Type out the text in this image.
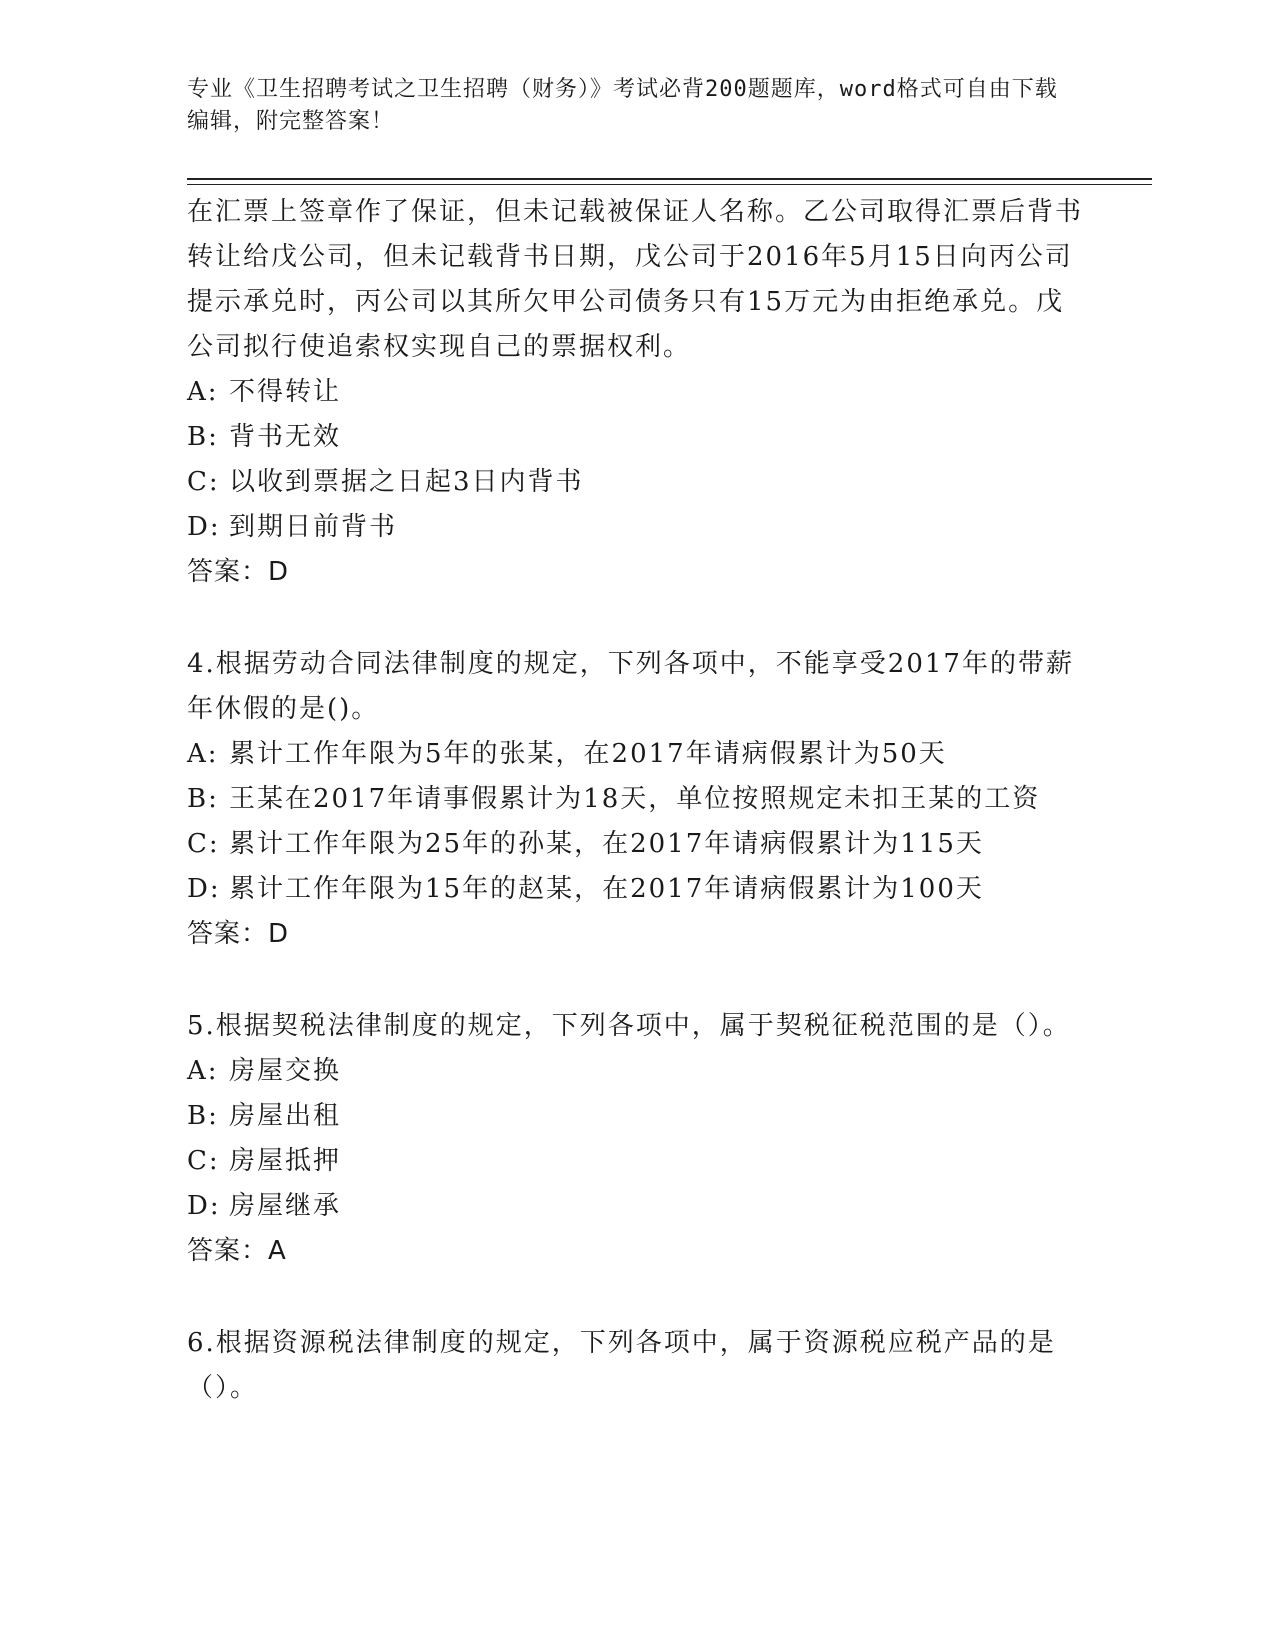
专业《卫生招聘考试之卫生招聘（财务）》考试必背200题题库，word格式可自由下载编辑，附完整答案！
在汇票上签章作了保证，但未记载被保证人名称。乙公司取得汇票后背书转让给戊公司，但未记载背书日期，戊公司于2016年5月15日向丙公司提示承兑时，丙公司以其所欠甲公司债务只有15万元为由拒绝承兑。戊公司拟行使追索权实现自己的票据权利。
A: 不得转让
B: 背书无效
C: 以收到票据之日起3日内背书
D: 到期日前背书
答案：D
4.根据劳动合同法律制度的规定，下列各项中，不能享受2017年的带薪年休假的是()。
A: 累计工作年限为5年的张某，在2017年请病假累计为50天
B: 王某在2017年请事假累计为18天，单位按照规定未扣王某的工资
C: 累计工作年限为25年的孙某，在2017年请病假累计为115天
D: 累计工作年限为15年的赵某，在2017年请病假累计为100天
答案：D
5.根据契税法律制度的规定，下列各项中，属于契税征税范围的是（）。
A: 房屋交换
B: 房屋出租
C: 房屋抵押
D: 房屋继承
答案：A
6.根据资源税法律制度的规定，下列各项中，属于资源税应税产品的是（）。
